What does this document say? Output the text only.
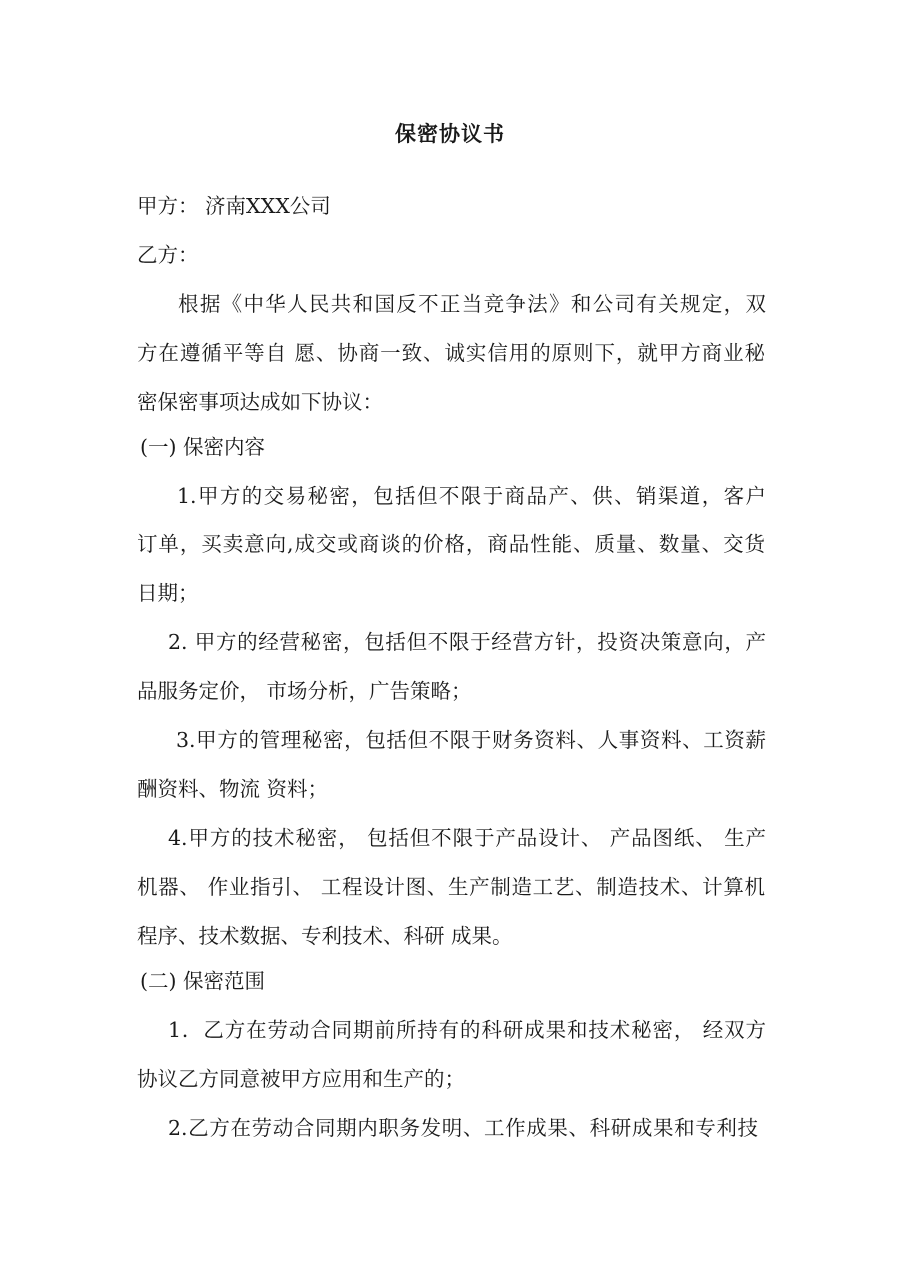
保密协议书
甲方： 济南XXX公司
乙方：
根据《中华人民共和国反不正当竞争法》和公司有关规定，双
方在遵循平等自 愿、协商一致、诚实信用的原则下，就甲方商业秘
密保密事项达成如下协议：
(一) 保密内容
1.甲方的交易秘密，包括但不限于商品产、供、销渠道，客户
订单，买卖意向,成交或商谈的价格，商品性能、质量、数量、交货
日期；
2. 甲方的经营秘密，包括但不限于经营方针，投资决策意向，产
品服务定价， 市场分析，广告策略；
3.甲方的管理秘密，包括但不限于财务资料、人事资料、工资薪
酬资料、物流 资料；
4.甲方的技术秘密， 包括但不限于产品设计、 产品图纸、 生产
机器、 作业指引、 工程设计图、生产制造工艺、制造技术、计算机
程序、技术数据、专利技术、科研 成果。
(二) 保密范围
1．乙方在劳动合同期前所持有的科研成果和技术秘密， 经双方
协议乙方同意被甲方应用和生产的；
2.乙方在劳动合同期内职务发明、工作成果、科研成果和专利技
